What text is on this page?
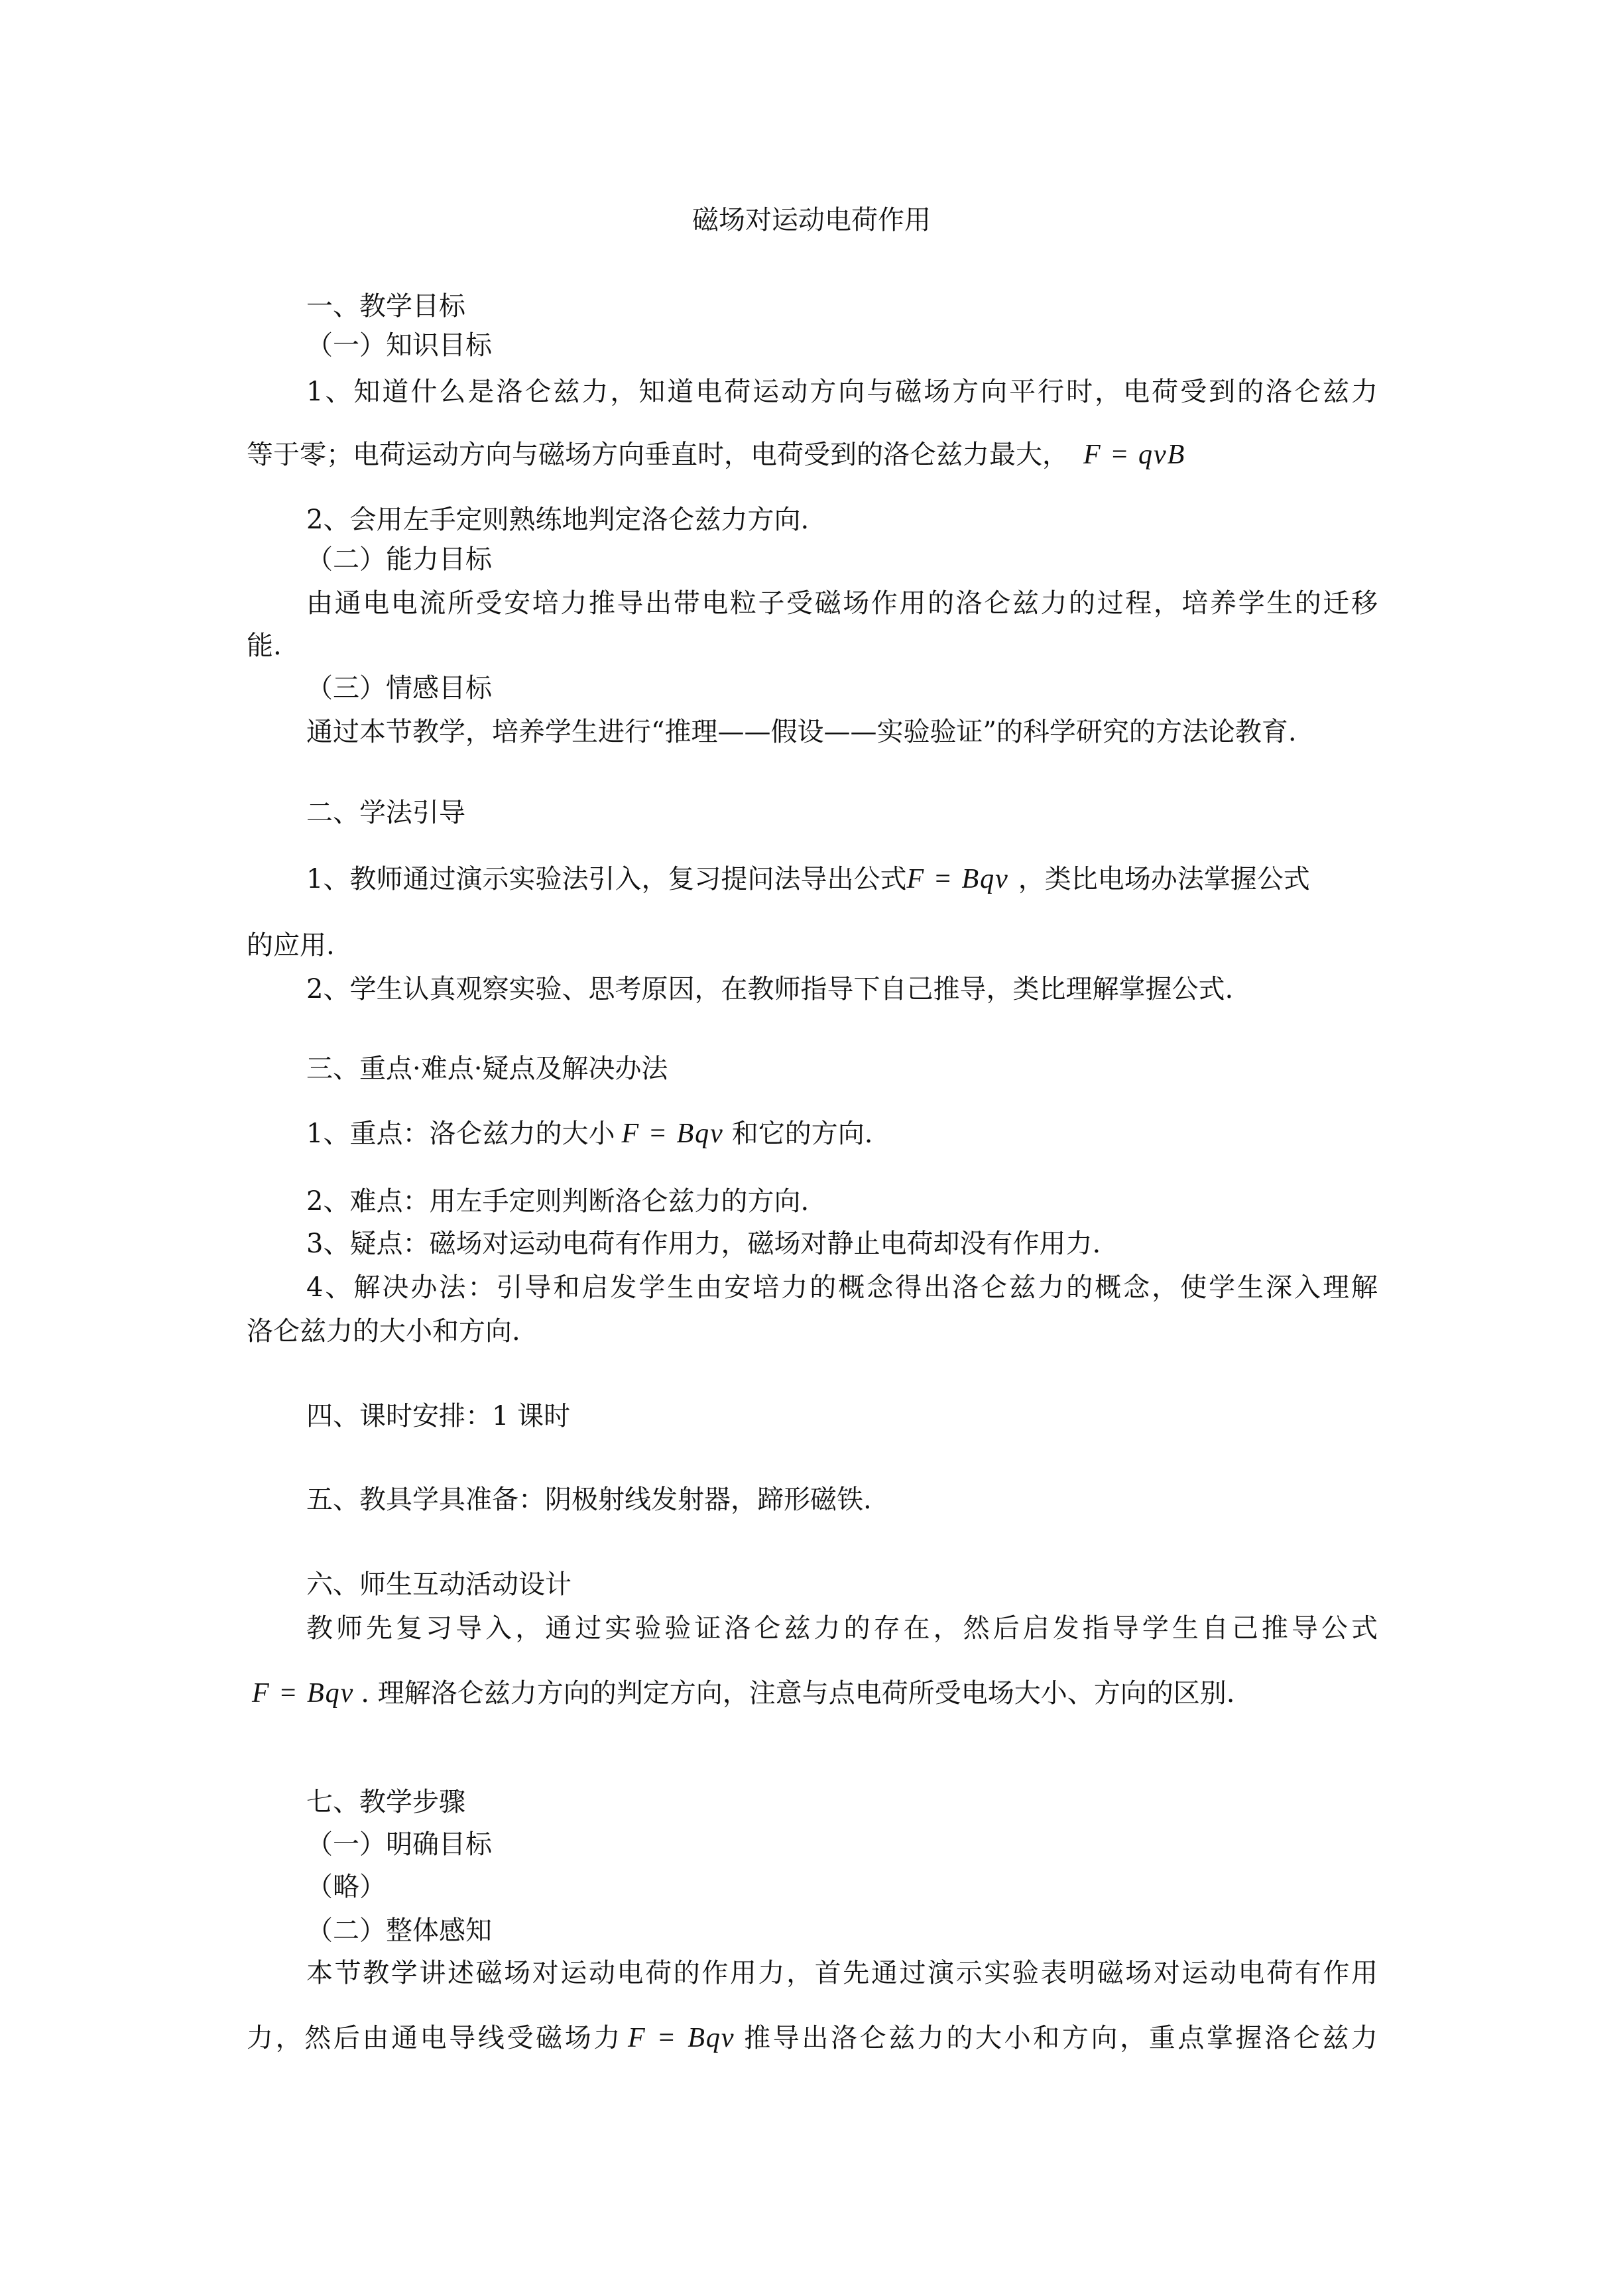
磁场对运动电荷作用

一、教学目标

（一）知识目标

1、知道什么是洛仑兹力，知道电荷运动方向与磁场方向平行时，电荷受到的洛仑兹力

等于零；电荷运动方向与磁场方向垂直时，电荷受到的洛仑兹力最大， F = qvB

2、会用左手定则熟练地判定洛仑兹力方向.

（二）能力目标

由通电电流所受安培力推导出带电粒子受磁场作用的洛仑兹力的过程，培养学生的迁移

能.

（三）情感目标

通过本节教学，培养学生进行“推理——假设——实验验证”的科学研究的方法论教育.

二、学法引导

1、教师通过演示实验法引入，复习提问法导出公式F = Bqv ，类比电场办法掌握公式

的应用.

2、学生认真观察实验、思考原因，在教师指导下自己推导，类比理解掌握公式.

三、重点·难点·疑点及解决办法

1、重点：洛仑兹力的大小 F = Bqv 和它的方向.

2、难点：用左手定则判断洛仑兹力的方向.

3、疑点：磁场对运动电荷有作用力，磁场对静止电荷却没有作用力.

4、解决办法：引导和启发学生由安培力的概念得出洛仑兹力的概念，使学生深入理解

洛仑兹力的大小和方向.

四、课时安排：1 课时

五、教具学具准备：阴极射线发射器，蹄形磁铁.

六、师生互动活动设计

教师先复习导入，通过实验验证洛仑兹力的存在，然后启发指导学生自己推导公式

F = Bqv . 理解洛仑兹力方向的判定方向，注意与点电荷所受电场大小、方向的区别.

七、教学步骤

（一）明确目标

（略）

（二）整体感知

本节教学讲述磁场对运动电荷的作用力，首先通过演示实验表明磁场对运动电荷有作用

力，然后由通电导线受磁场力 F = Bqv 推导出洛仑兹力的大小和方向，重点掌握洛仑兹力
